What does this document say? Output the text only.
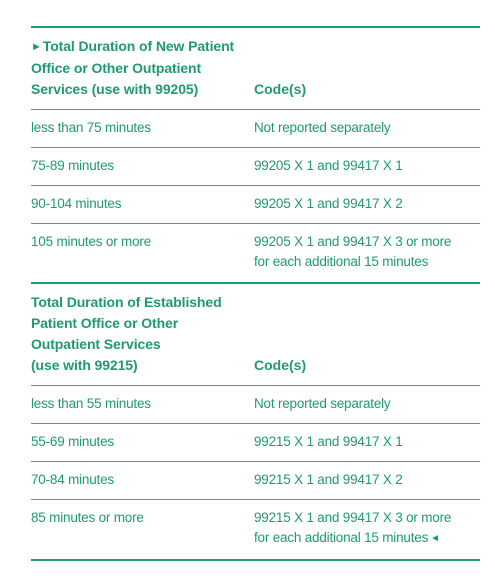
►Total Duration of New Patient
Office or Other Outpatient
Services (use with 99205)	Code(s)
less than 75 minutes	Not reported separately
75-89 minutes	99205 X 1 and 99417 X 1
90-104 minutes	99205 X 1 and 99417 X 2
105 minutes or more	99205 X 1 and 99417 X 3 or more
for each additional 15 minutes
Total Duration of Established
Patient Office or Other
Outpatient Services
(use with 99215)	Code(s)
less than 55 minutes	Not reported separately
55-69 minutes	99215 X 1 and 99417 X 1
70-84 minutes	99215 X 1 and 99417 X 2
85 minutes or more	99215 X 1 and 99417 X 3 or more
for each additional 15 minutes ◄
